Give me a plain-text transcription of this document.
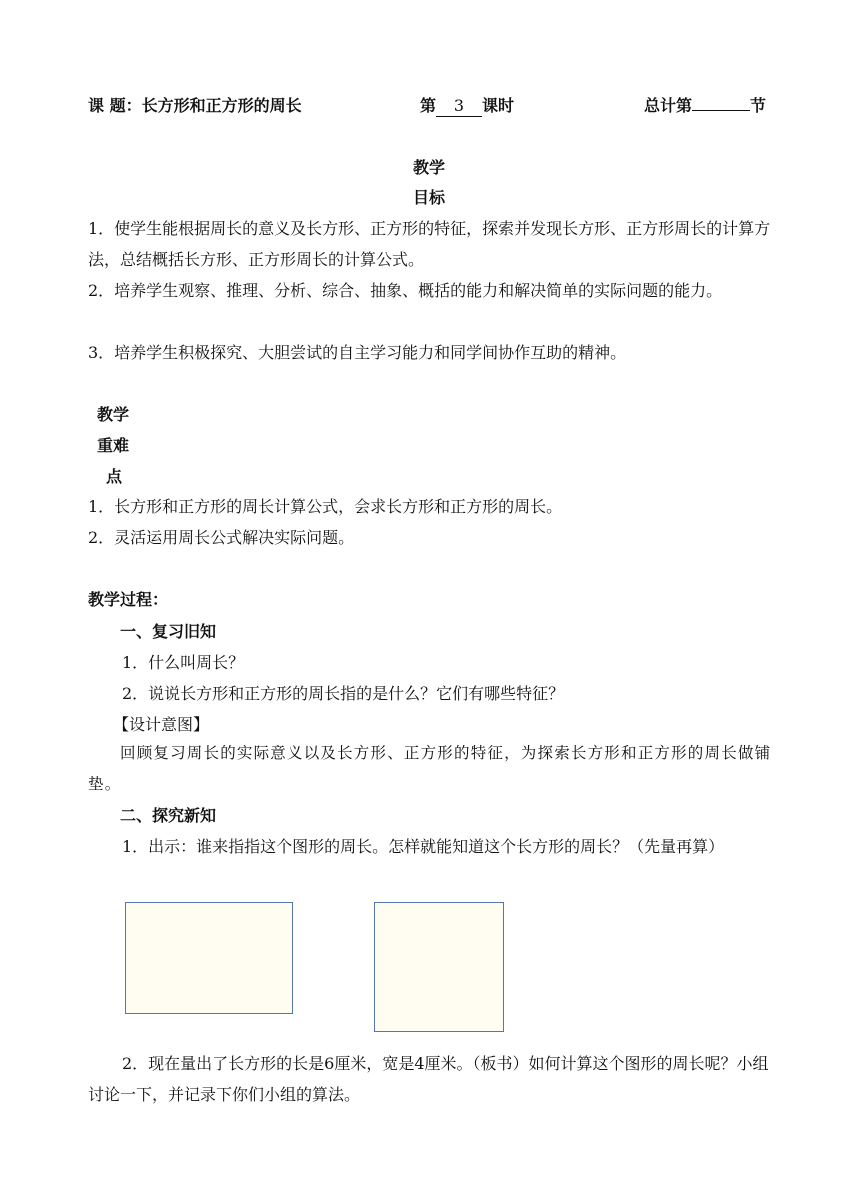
课 题：长方形和正方形的周长	第 3 课时	总计第	节
教学
目标
1．使学生能根据周长的意义及长方形、正方形的特征，探索并发现长方形、正方形周长的计算方法，总结概括长方形、正方形周长的计算公式。
2．培养学生观察、推理、分析、综合、抽象、概括的能力和解决简单的实际问题的能力。
3．培养学生积极探究、大胆尝试的自主学习能力和同学间协作互助的精神。
教学
重难
点
1．长方形和正方形的周长计算公式，会求长方形和正方形的周长。
2．灵活运用周长公式解决实际问题。
教学过程：
一、复习旧知
1．什么叫周长？
2．说说长方形和正方形的周长指的是什么？它们有哪些特征？
【设计意图】
回顾复习周长的实际意义以及长方形、正方形的特征，为探索长方形和正方形的周长做铺垫。
二、探究新知
1．出示：谁来指指这个图形的周长。怎样就能知道这个长方形的周长？（先量再算）
2．现在量出了长方形的长是6厘米，宽是4厘米。（板书）如何计算这个图形的周长呢？小组讨论一下，并记录下你们小组的算法。
